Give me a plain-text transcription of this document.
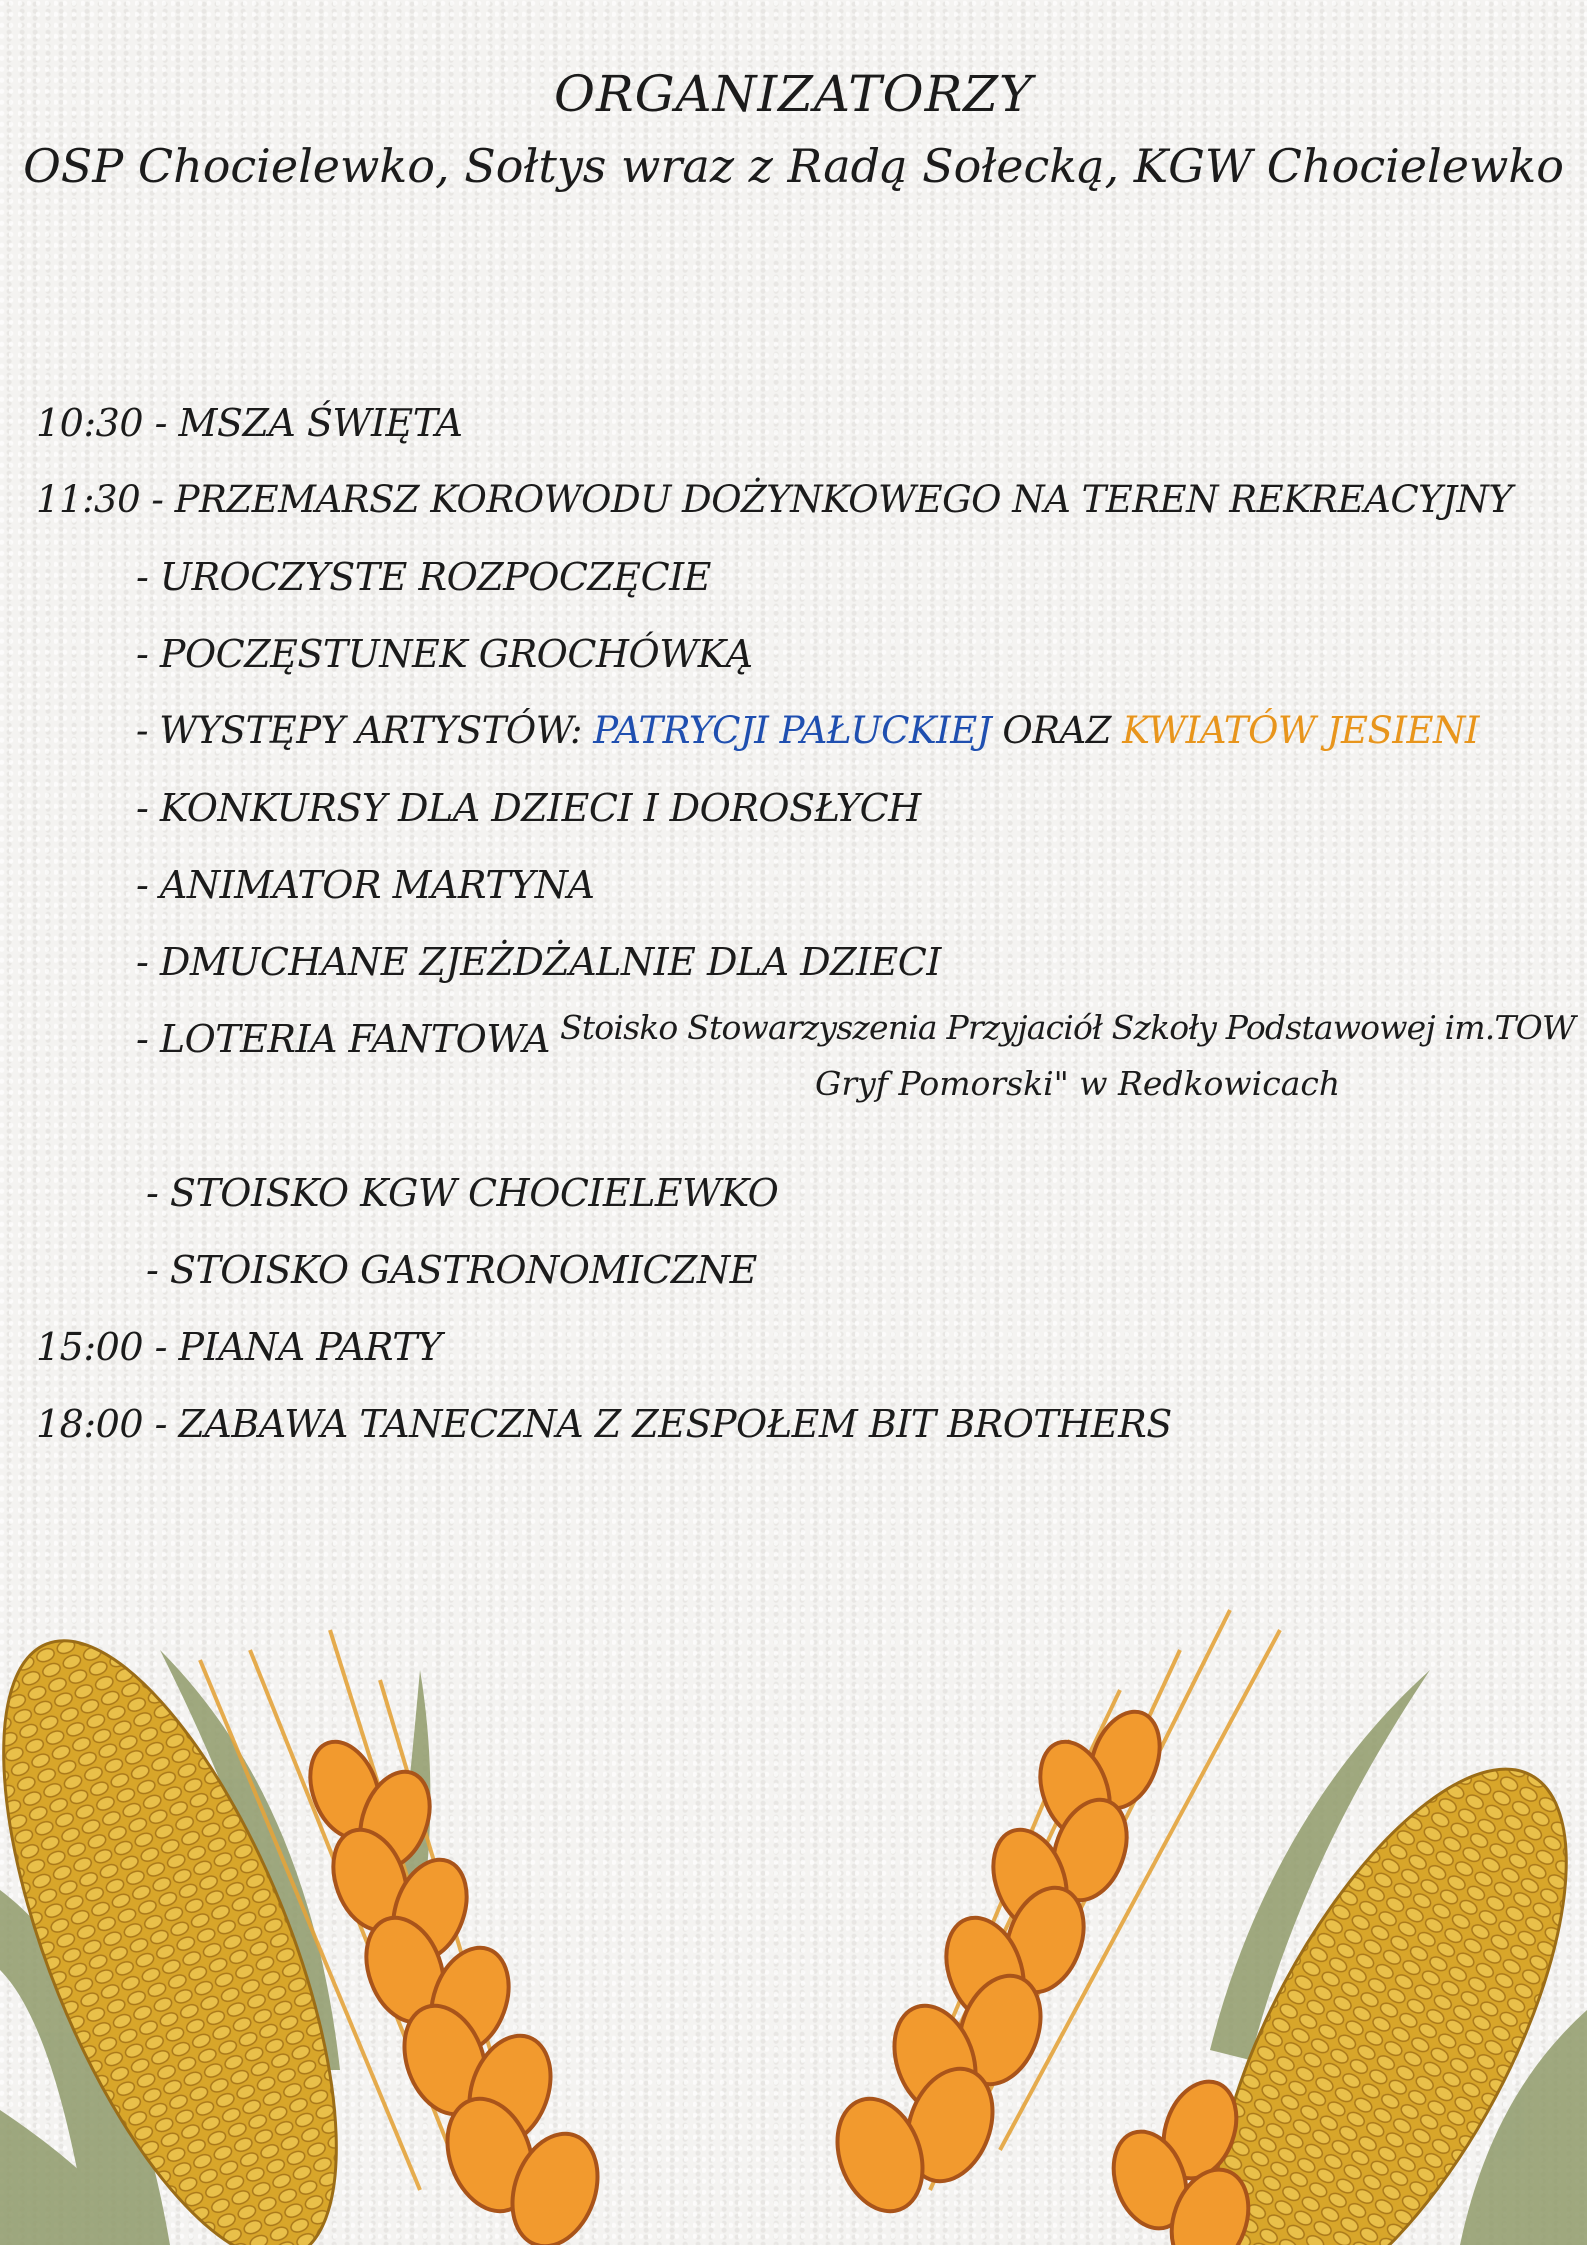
ORGANIZATORZY
OSP Chocielewko, Sołtys wraz z Radą Sołecką, KGW Chocielewko
10:30 - MSZA ŚWIĘTA
11:30 - PRZEMARSZ KOROWODU DOŻYNKOWEGO NA TEREN REKREACYJNY
- UROCZYSTE ROZPOCZĘCIE
- POCZĘSTUNEK GROCHÓWKĄ
- WYSTĘPY ARTYSTÓW: PATRYCJI PAŁUCKIEJ ORAZ KWIATÓW JESIENI
- KONKURSY DLA DZIECI I DOROSŁYCH
- ANIMATOR MARTYNA
- DMUCHANE ZJEŻDŻALNIE DLA DZIECI
- LOTERIA FANTOWA Stoisko Stowarzyszenia Przyjaciół Szkoły Podstawowej im.TOW
Gryf Pomorski" w Redkowicach
- STOISKO KGW CHOCIELEWKO
- STOISKO GASTRONOMICZNE
15:00 - PIANA PARTY
18:00 - ZABAWA TANECZNA Z ZESPOŁEM BIT BROTHERS
